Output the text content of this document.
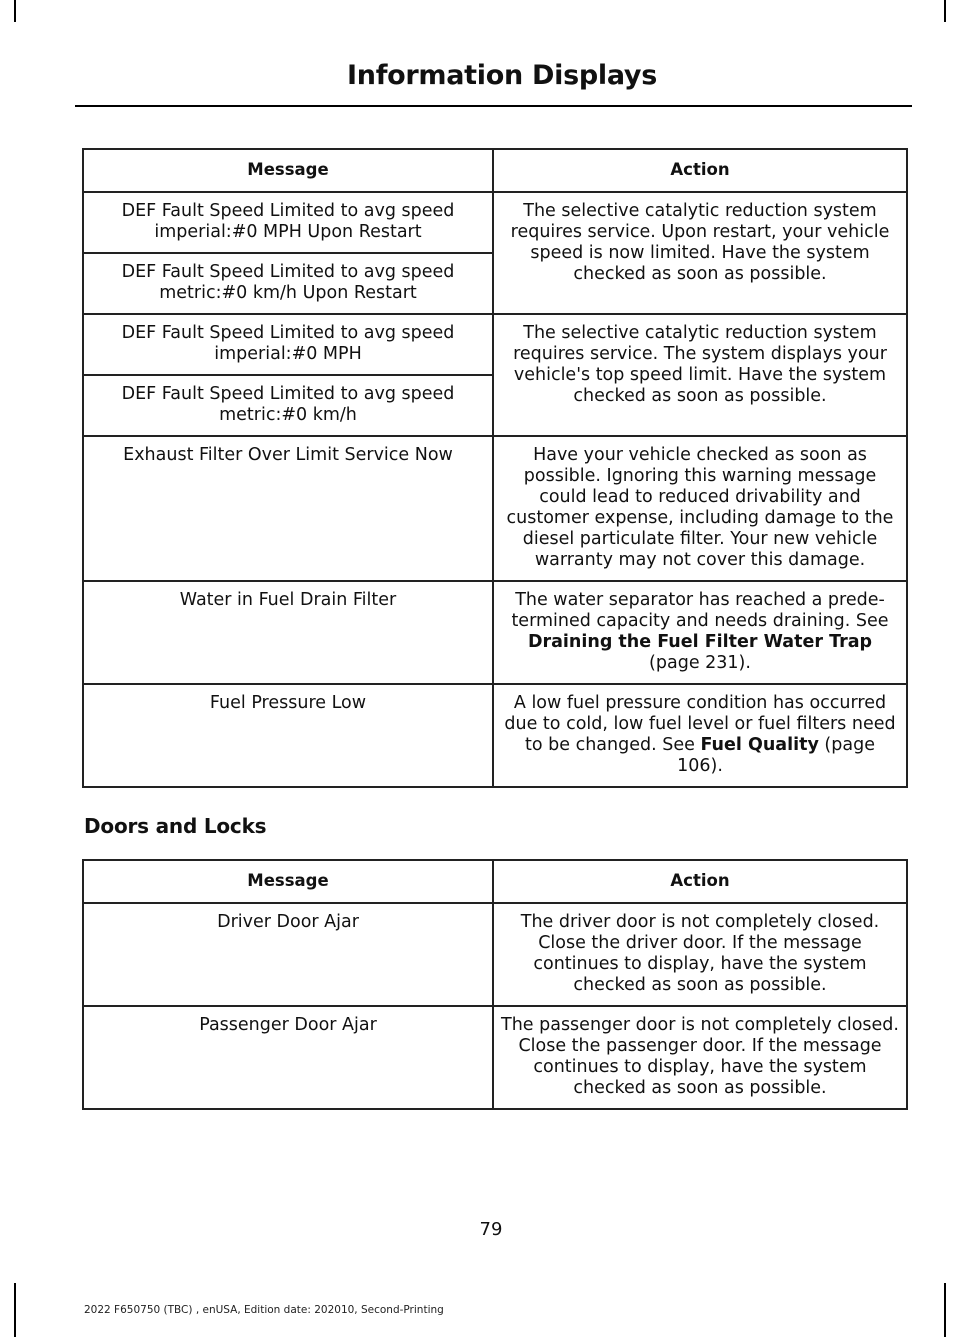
Information Displays
Message	Action
DEF Fault Speed Limited to avg speed imperial:#0 MPH Upon Restart	The selective catalytic reduction system requires service. Upon restart, your vehicle speed is now limited. Have the system checked as soon as possible.
DEF Fault Speed Limited to avg speed metric:#0 km/h Upon Restart	
DEF Fault Speed Limited to avg speed imperial:#0 MPH	The selective catalytic reduction system requires service. The system displays your vehicle's top speed limit. Have the system checked as soon as possible.
DEF Fault Speed Limited to avg speed metric:#0 km/h	
Exhaust Filter Over Limit Service Now	Have your vehicle checked as soon as possible. Ignoring this warning message could lead to reduced drivability and customer expense, including damage to the diesel particulate filter. Your new vehicle warranty may not cover this damage.
Water in Fuel Drain Filter	The water separator has reached a prede-termined capacity and needs draining. See Draining the Fuel Filter Water Trap (page 231).
Fuel Pressure Low	A low fuel pressure condition has occurred due to cold, low fuel level or fuel filters need to be changed. See Fuel Quality (page 106).
Doors and Locks
Message	Action
Driver Door Ajar	The driver door is not completely closed. Close the driver door. If the message continues to display, have the system checked as soon as possible.
Passenger Door Ajar	The passenger door is not completely closed. Close the passenger door. If the message continues to display, have the system checked as soon as possible.
79
2022 F650750 (TBC) , enUSA, Edition date: 202010, Second-Printing
